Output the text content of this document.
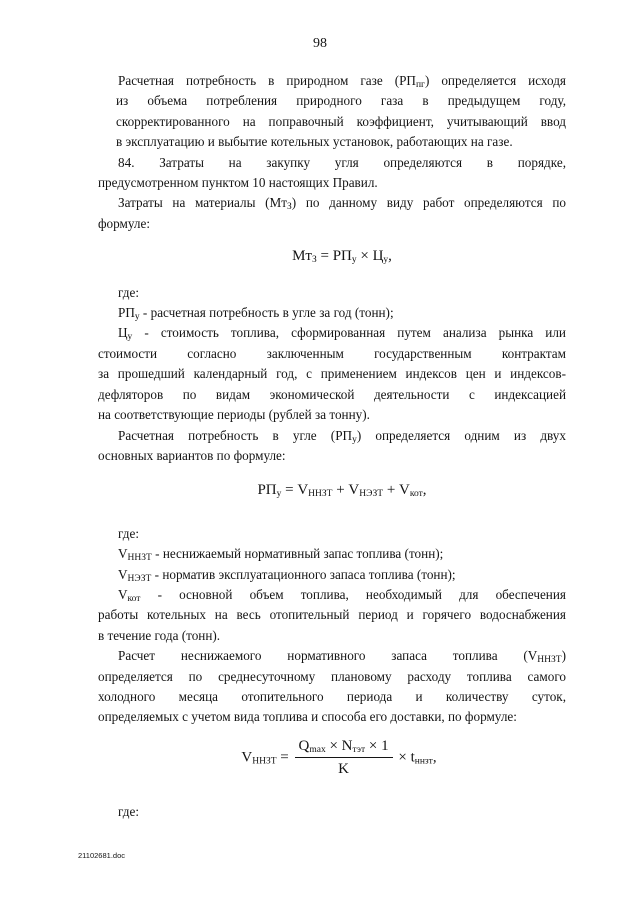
98

Расчетная потребность в природном газе $(РП_{пг})$ определяется исходя

из объема потребления природного газа в предыдущем году,

скорректированного на поправочный коэффициент, учитывающий ввод

в эксплуатацию и выбытие котельных установок, работающих на газе.

84. Затраты на закупку угля определяются в порядке,

предусмотренном пунктом 10 настоящих Правил.

Затраты на материалы $(Мт_З)$ по данному виду работ определяются по

формуле:

$Мт_З = РП_у \times Ц_у$,

где:

$РП_у$ - расчетная потребность в угле за год (тонн);

$Ц_у$ - стоимость топлива, сформированная путем анализа рынка или

стоимости согласно заключенным государственным контрактам

за прошедший календарный год, с применением индексов цен и индексов-

дефляторов по видам экономической деятельности с индексацией

на соответствующие периоды (рублей за тонну).

Расчетная потребность в угле $(РП_у)$ определяется одним из двух

основных вариантов по формуле:

$РП_у = V_{ННЗТ} + V_{НЭЗТ} + V_{кот}$,

где:

$V_{ННЗТ}$ - неснижаемый нормативный запас топлива (тонн);

$V_{НЭЗТ}$ - норматив эксплуатационного запаса топлива (тонн);

$V_{кот}$ - основной объем топлива, необходимый для обеспечения

работы котельных на весь отопительный период и горячего водоснабжения

в течение года (тонн).

Расчет неснижаемого нормативного запаса топлива $(V_{ННЗТ})$

определяется по среднесуточному плановому расходу топлива самого

холодного месяца отопительного периода и количеству суток,

определяемых с учетом вида топлива и способа его доставки, по формуле:

$V_{ННЗТ} = \frac{Q_{max} \times N_{тэт} \times 1}{K} \times t_{ннзт}$,

где:

21102681.doc
